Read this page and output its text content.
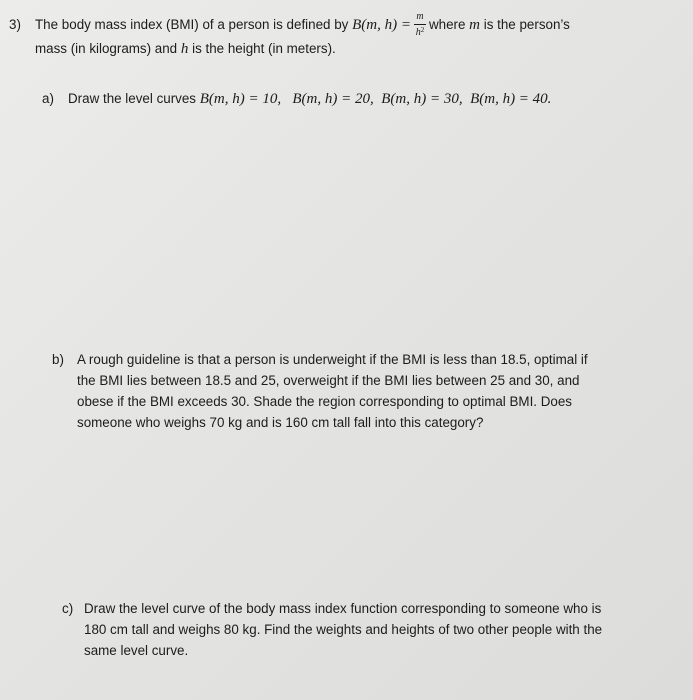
3) The body mass index (BMI) of a person is defined by B(m, $h) = \frac{m}{h^2}$ where m is the person’s
mass (in kilograms) and h is the height (in meters).
a) Draw the level curves B(m, h) = 10,   B(m, h) = 20,  B(m, h) = 30,  B(m, h) = 40.
b) A rough guideline is that a person is underweight if the BMI is less than 18.5, optimal if
the BMI lies between 18.5 and 25, overweight if the BMI lies between 25 and 30, and
obese if the BMI exceeds 30. Shade the region corresponding to optimal BMI. Does
someone who weighs 70 kg and is 160 cm tall fall into this category?
c) Draw the level curve of the body mass index function corresponding to someone who is
180 cm tall and weighs 80 kg. Find the weights and heights of two other people with the
same level curve.
